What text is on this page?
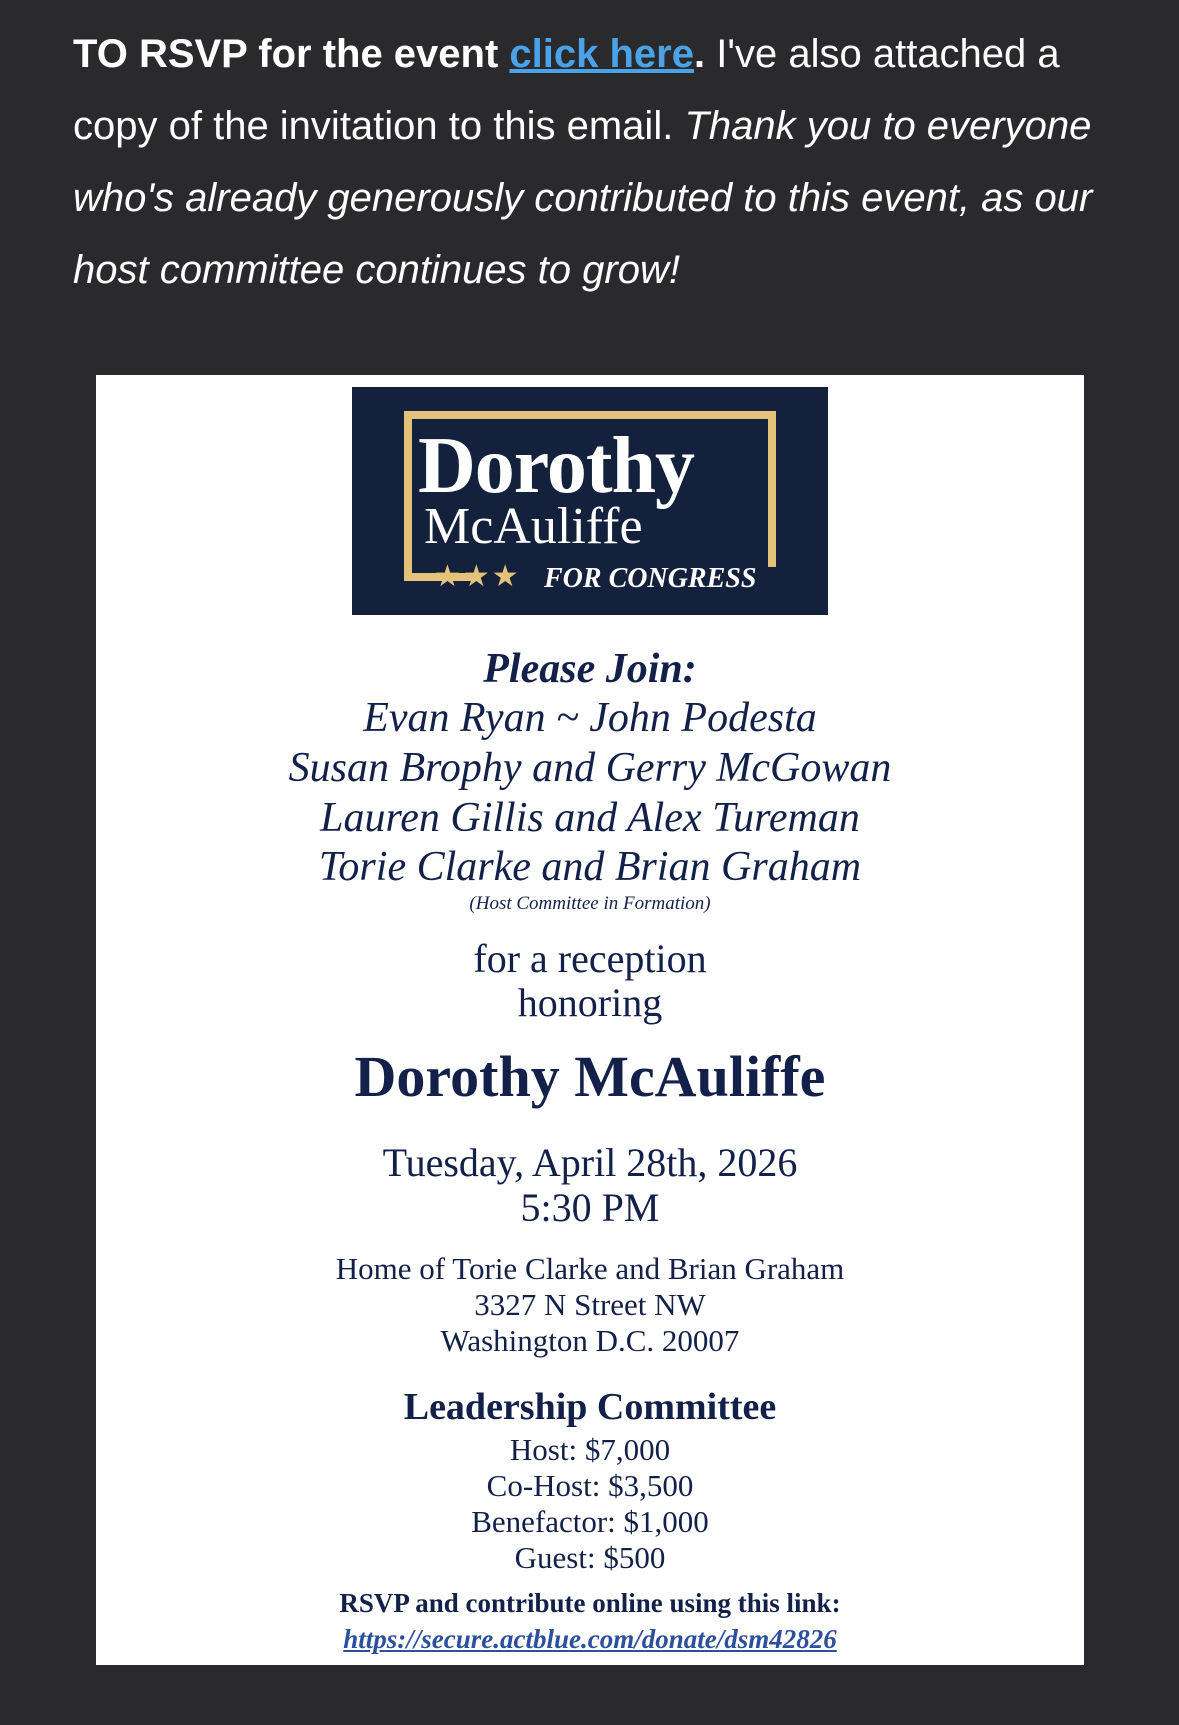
TO RSVP for the event click here. I've also attached a copy of the invitation to this email. Thank you to everyone who's already generously contributed to this event, as our host committee continues to grow!
Dorothy
McAuliffe
★★★ FOR CONGRESS
Please Join:
Evan Ryan ~ John Podesta
Susan Brophy and Gerry McGowan
Lauren Gillis and Alex Tureman
Torie Clarke and Brian Graham
(Host Committee in Formation)
for a reception
honoring
Dorothy McAuliffe
Tuesday, April 28th, 2026
5:30 PM
Home of Torie Clarke and Brian Graham
3327 N Street NW
Washington D.C. 20007
Leadership Committee
Host: $7,000
Co-Host: $3,500
Benefactor: $1,000
Guest: $500
RSVP and contribute online using this link:
https://secure.actblue.com/donate/dsm42826
